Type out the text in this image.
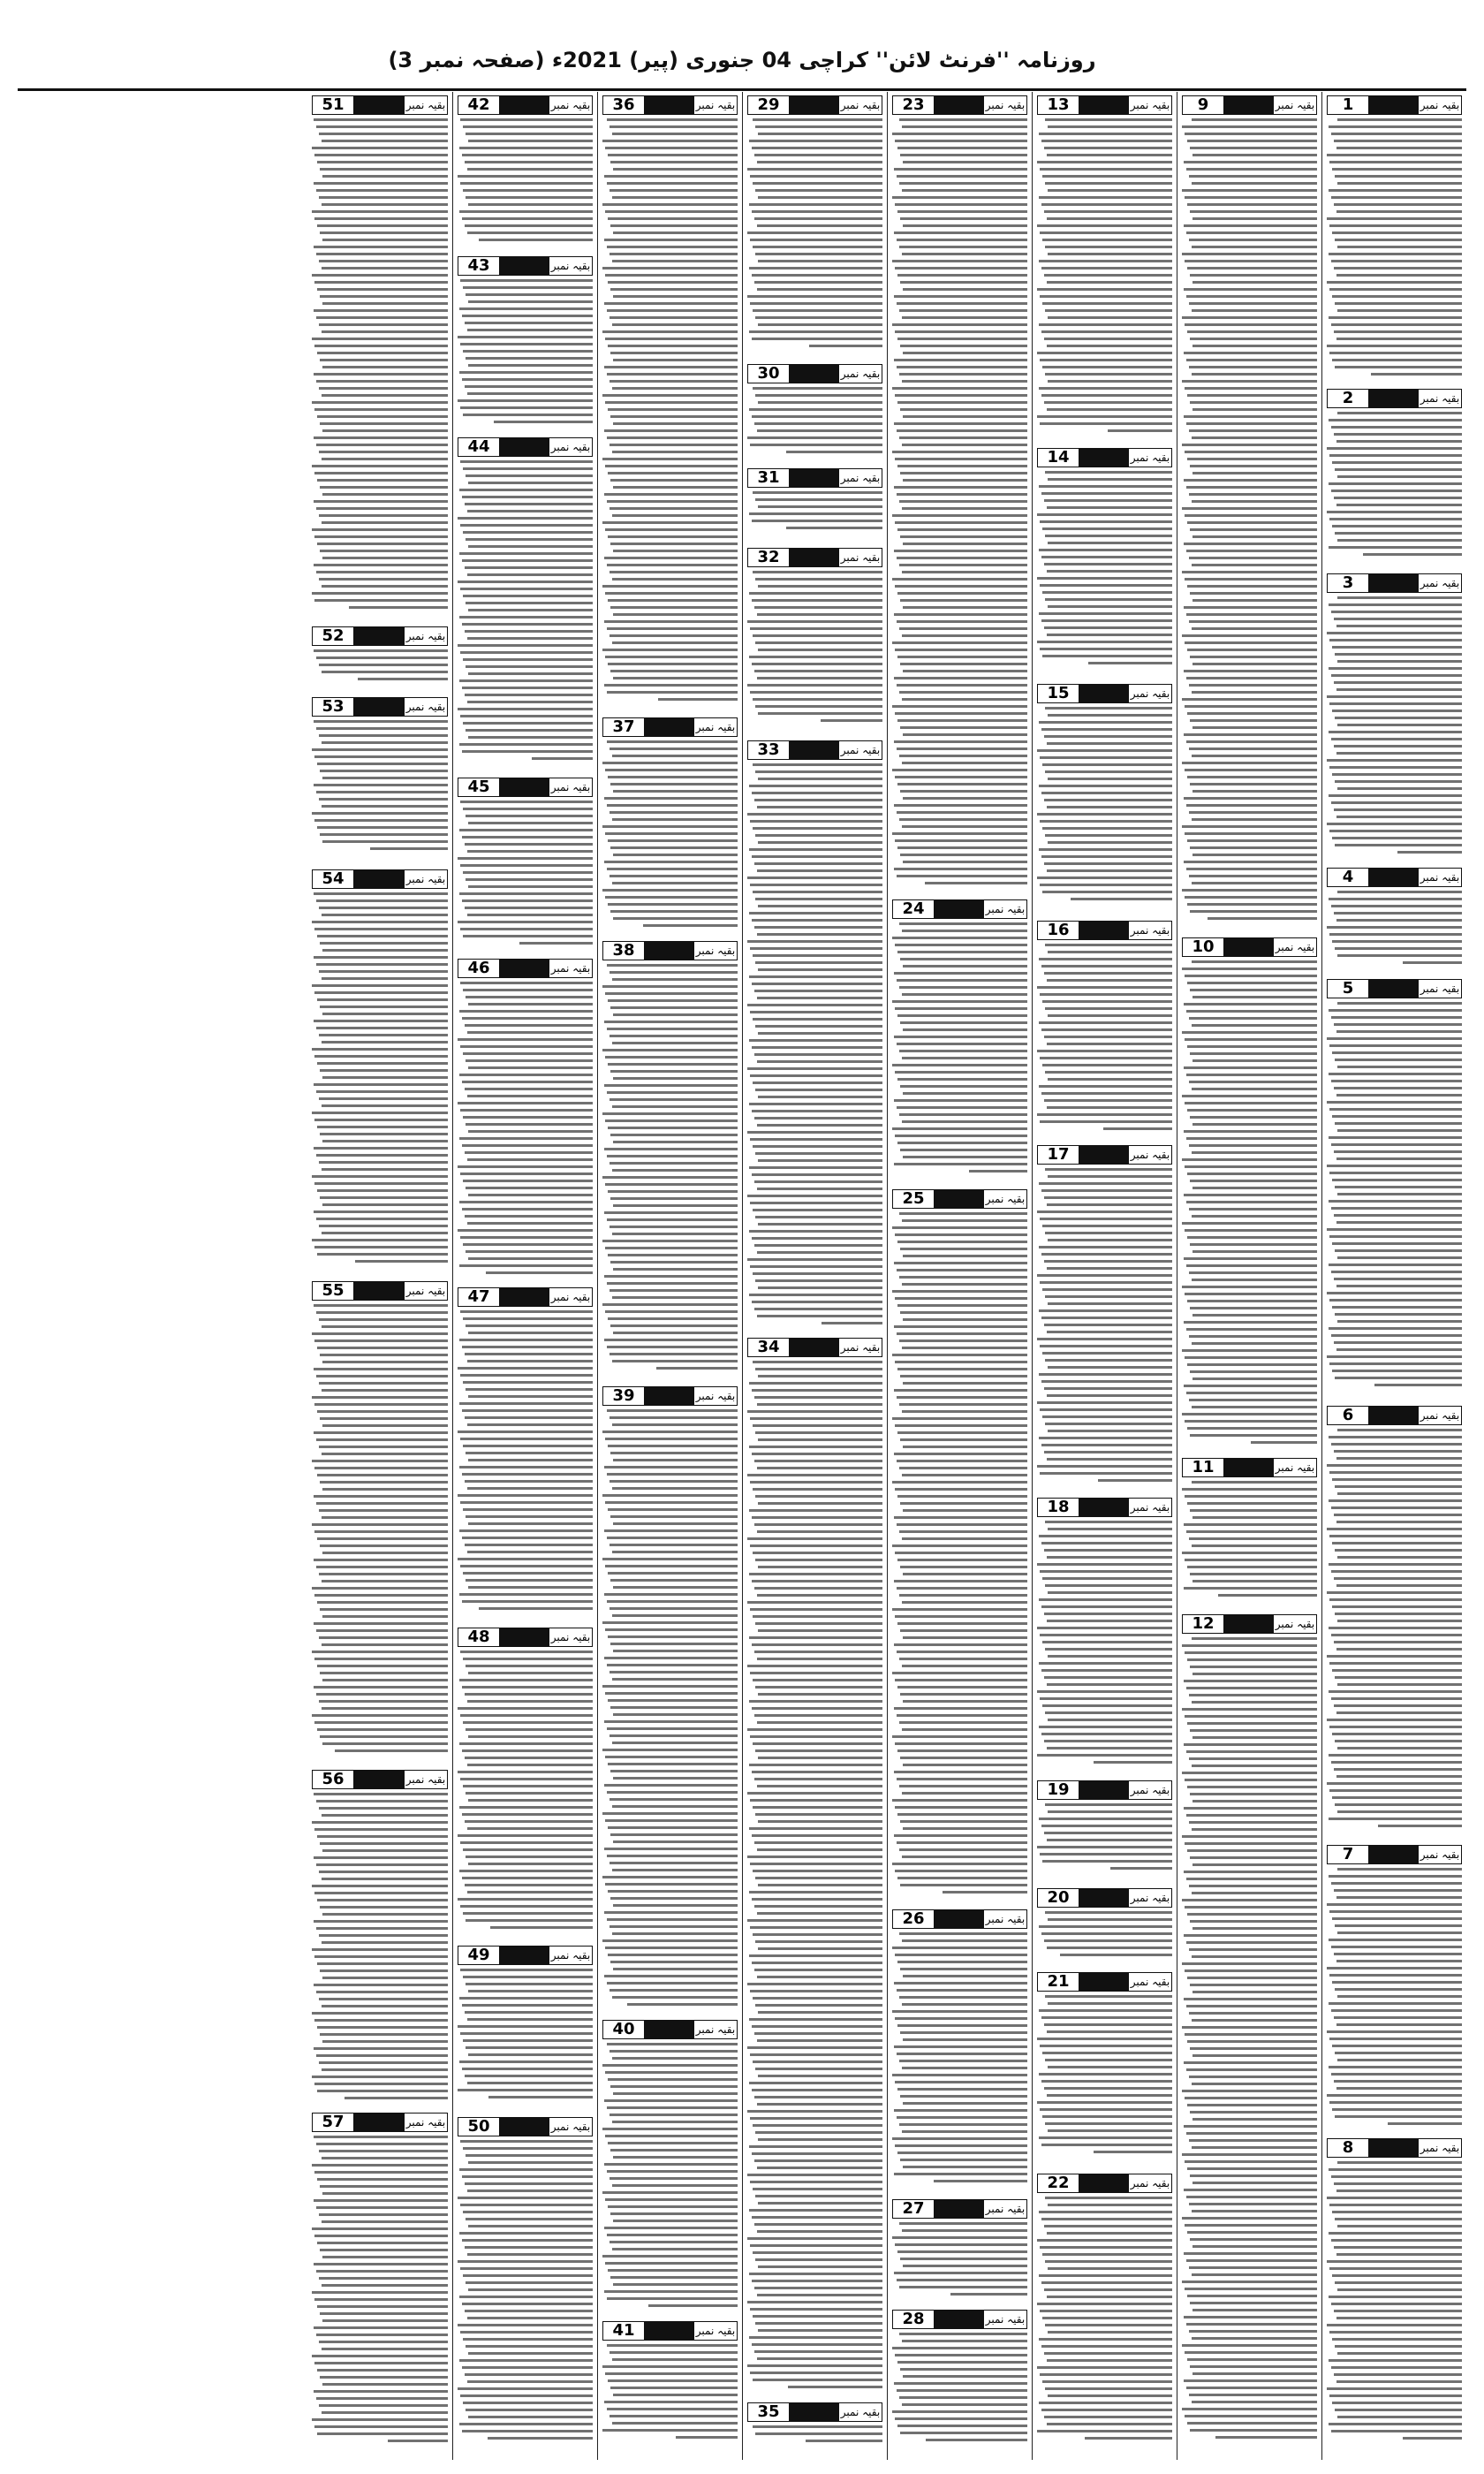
روزنامہ ''فرنٹ لائن'' کراچی 04 جنوری (پیر) 2021ء (صفحہ نمبر 3)
1	بقیہ نمبر
2	بقیہ نمبر
3	بقیہ نمبر
4	بقیہ نمبر
5	بقیہ نمبر
6	بقیہ نمبر
7	بقیہ نمبر
8	بقیہ نمبر
9	بقیہ نمبر
10	بقیہ نمبر
11	بقیہ نمبر
12	بقیہ نمبر
13	بقیہ نمبر
14	بقیہ نمبر
15	بقیہ نمبر
16	بقیہ نمبر
17	بقیہ نمبر
18	بقیہ نمبر
19	بقیہ نمبر
20	بقیہ نمبر
21	بقیہ نمبر
22	بقیہ نمبر
23	بقیہ نمبر
24	بقیہ نمبر
25	بقیہ نمبر
26	بقیہ نمبر
27	بقیہ نمبر
28	بقیہ نمبر
29	بقیہ نمبر
30	بقیہ نمبر
31	بقیہ نمبر
32	بقیہ نمبر
33	بقیہ نمبر
34	بقیہ نمبر
35	بقیہ نمبر
36	بقیہ نمبر
37	بقیہ نمبر
38	بقیہ نمبر
39	بقیہ نمبر
40	بقیہ نمبر
41	بقیہ نمبر
42	بقیہ نمبر
43	بقیہ نمبر
44	بقیہ نمبر
45	بقیہ نمبر
46	بقیہ نمبر
47	بقیہ نمبر
48	بقیہ نمبر
49	بقیہ نمبر
50	بقیہ نمبر
51	بقیہ نمبر
52	بقیہ نمبر
53	بقیہ نمبر
54	بقیہ نمبر
55	بقیہ نمبر
56	بقیہ نمبر
57	بقیہ نمبر
